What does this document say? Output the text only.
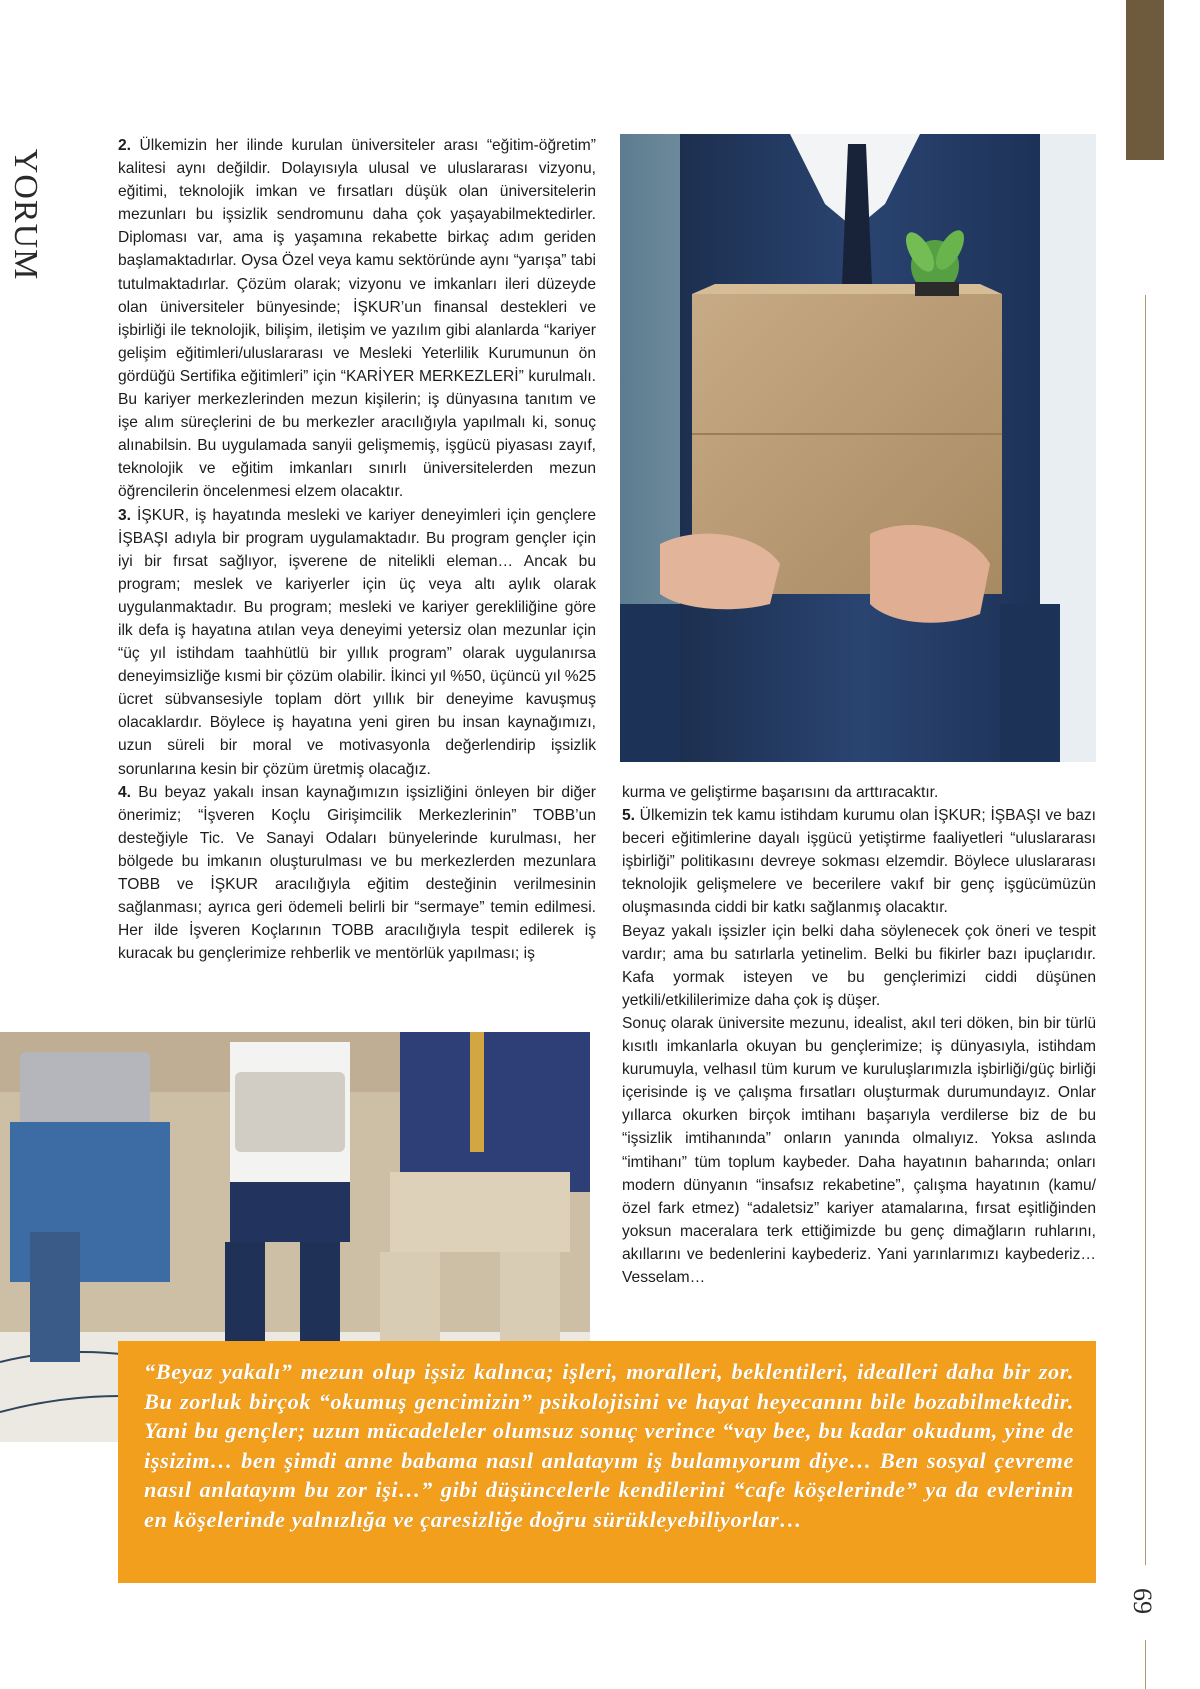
BOSSYORUM
69

2. Ülkemizin her ilinde kurulan üniversiteler arası “eğitim-öğretim” kalitesi aynı değildir. Dolayısıyla ulusal ve uluslararası vizyonu, eğitimi, teknolojik imkan ve fırsatları düşük olan üniversitelerin mezunları bu işsizlik sendromunu daha çok yaşayabilmektedirler. Diploması var, ama iş yaşamına rekabette birkaç adım geriden başlamaktadırlar. Oysa Özel veya kamu sektöründe aynı “yarışa” tabi tutulmaktadırlar. Çözüm olarak; vizyonu ve imkanları ileri düzeyde olan üniversiteler bünyesinde; İŞKUR’un finansal destekleri ve işbirliği ile teknolojik, bilişim, iletişim ve yazılım gibi alanlarda “kariyer gelişim eğitimleri/uluslararası ve Mesleki Yeterlilik Kurumunun ön gördüğü Sertifika eğitimleri” için “KARİYER MERKEZLERİ” kurulmalı. Bu kariyer merkezlerinden mezun kişilerin; iş dünyasına tanıtım ve işe alım süreçlerini de bu merkezler aracılığıyla yapılmalı ki, sonuç alınabilsin. Bu uygulamada sanyii gelişmemiş, işgücü piyasası zayıf, teknolojik ve eğitim imkanları sınırlı üniversitelerden mezun öğrencilerin öncelenmesi elzem olacaktır.

3. İŞKUR, iş hayatında mesleki ve kariyer deneyimleri için gençlere İŞBAŞI adıyla bir program uygulamaktadır. Bu program gençler için iyi bir fırsat sağlıyor, işverene de nitelikli eleman… Ancak bu program; meslek ve kariyerler için üç veya altı aylık olarak uygulanmaktadır. Bu program; mesleki ve kariyer gerekliliğine göre ilk defa iş hayatına atılan veya deneyimi yetersiz olan mezunlar için “üç yıl istihdam taahhütlü bir yıllık program” olarak uygulanırsa deneyimsizliğe kısmi bir çözüm olabilir. İkinci yıl %50, üçüncü yıl %25 ücret sübvansesiyle toplam dört yıllık bir deneyime kavuşmuş olacaklardır. Böylece iş hayatına yeni giren bu insan kaynağımızı, uzun süreli bir moral ve motivasyonla değerlendirip işsizlik sorunlarına kesin bir çözüm üretmiş olacağız.

4. Bu beyaz yakalı insan kaynağımızın işsizliğini önleyen bir diğer önerimiz; “İşveren Koçlu Girişimcilik Merkezlerinin” TOBB’un desteğiyle Tic. Ve Sanayi Odaları bünyelerinde kurulması, her bölgede bu imkanın oluşturulması ve bu merkezlerden mezunlara TOBB ve İŞKUR aracılığıyla eğitim desteğinin verilmesinin sağlanması; ayrıca geri ödemeli belirli bir “sermaye” temin edilmesi. Her ilde İşveren Koçlarının TOBB aracılığıyla tespit edilerek iş kuracak bu gençlerimize rehberlik ve mentörlük yapılması; iş

kurma ve geliştirme başarısını da arttıracaktır.

5. Ülkemizin tek kamu istihdam kurumu olan İŞKUR; İŞBAŞI ve bazı beceri eğitimlerine dayalı işgücü yetiştirme faaliyetleri “uluslararası işbirliği” politikasını devreye sokması elzemdir. Böylece uluslararası teknolojik gelişmelere ve becerilere vakıf bir genç işgücümüzün oluşmasında ciddi bir katkı sağlanmış olacaktır.

Beyaz yakalı işsizler için belki daha söylenecek çok öneri ve tespit vardır; ama bu satırlarla yetinelim. Belki bu fikirler bazı ipuçlarıdır. Kafa yormak isteyen ve bu gençlerimizi ciddi düşünen yetkili/etkililerimize daha çok iş düşer.

Sonuç olarak üniversite mezunu, idealist, akıl teri döken, bin bir türlü kısıtlı imkanlarla okuyan bu gençlerimize; iş dünyasıyla, istihdam kurumuyla, velhasıl tüm kurum ve kuruluşlarımızla işbirliği/güç birliği içerisinde iş ve çalışma fırsatları oluşturmak durumundayız. Onlar yıllarca okurken birçok imtihanı başarıyla verdilerse biz de bu “işsizlik imtihanında” onların yanında olmalıyız. Yoksa aslında “imtihanı” tüm toplum kaybeder. Daha hayatının baharında; onları modern dünyanın “insafsız rekabetine”, çalışma hayatının (kamu/özel fark etmez) “adaletsiz” kariyer atamalarına, fırsat eşitliğinden yoksun maceralara terk ettiğimizde bu genç dimağların ruhlarını, akıllarını ve bedenlerini kaybederiz. Yani yarınlarımızı kaybederiz… Vesselam…

“Beyaz yakalı” mezun olup işsiz kalınca; işleri, moralleri, beklentileri, idealleri daha bir zor. Bu zorluk birçok “okumuş gencimizin” psikolojisini ve hayat heyecanını bile bozabilmektedir. Yani bu gençler; uzun mücadeleler olumsuz sonuç verince “vay bee, bu kadar okudum, yine de işsizim… ben şimdi anne babama nasıl anlatayım iş bulamıyorum diye… Ben sosyal çevreme nasıl anlatayım bu zor işi…” gibi düşüncelerle kendilerini “cafe köşelerinde” ya da evlerinin en köşelerinde yalnızlığa ve çaresizliğe doğru sürükleyebiliyorlar…
